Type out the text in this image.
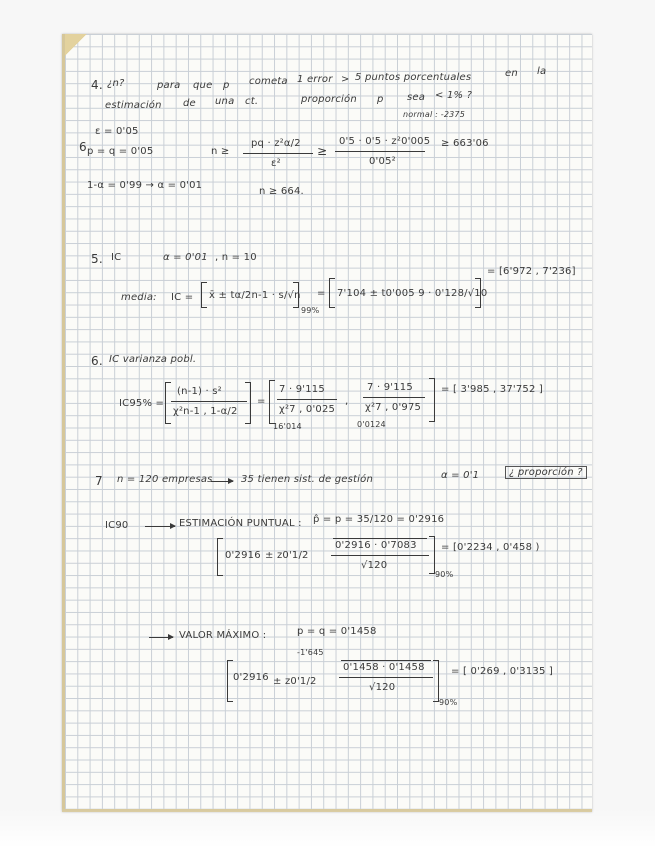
4. ¿n?	para que p cometa 1 error > 5 puntos porcentuales	en la
estimación de una ct.	proporción p sea < 1% ?
normal : -2375
ε = 0'05
6 p = q = 0'05	n ≥
pq · z²α/2
ε²
≥
0'5 · 0'5 · z²0'005
0'05²
≥ 663'06
1-α = 0'99 → α = 0'01
n ≥ 664.
5. IC	α = 0'01 , n = 10
media: IC = x̄ ± tα/2n-1 · s/√n
99%
= 7'104 ± t0'005 9 · 0'128/√10
= [6'972 , 7'236]
6. IC varianza pobl.
IC95% =
(n-1) · s²
χ²n-1 , 1-α/2
=
7 · 9'115
χ²7 , 0'025
16'014
,
7 · 9'115
χ²7 , 0'975
0'0124
= [ 3'985 , 37'752 ]
7 n = 120 empresas	35 tienen sist. de gestión	α = 0'1	¿ proporción ?
IC90	ESTIMACIÓN PUNTUAL : p̂ = p = 35/120 = 0'2916
0'2916 ± z0'1/2
0'2916 · 0'7083
√120
90%
= [0'2234 , 0'458 )
VALOR MÁXIMO :	p = q = 0'1458
-1'645
0'2916 ± z0'1/2
0'1458 · 0'1458
√120
90%
= [ 0'269 , 0'3135 ]
